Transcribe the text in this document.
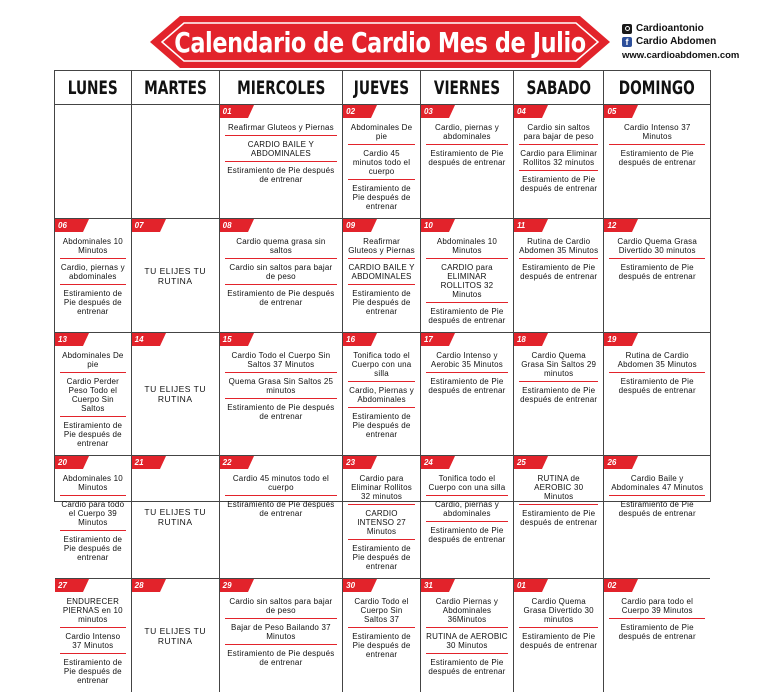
Calendario de Cardio Mes de Julio	Cardioantonio
f Cardio Abdomen
www.cardioabdomen.com
LUNES MARTES MIERCOLES JUEVES VIERNES SABADO DOMINGO
01
Reafirmar Gluteos y Piernas
CARDIO BAILE Y ABDOMINALES
Estiramiento de Pie después de entrenar
02
Abdominales De pie
Cardio 45 minutos todo el cuerpo
Estiramiento de Pie después de entrenar
03
Cardio, piernas y abdominales
Estiramiento de Pie después de entrenar
04
Cardio sin saltos para bajar de peso
Cardio para Eliminar Rollitos 32 minutos
Estiramiento de Pie después de entrenar
05
Cardio Intenso 37 Minutos
Estiramiento de Pie después de entrenar
06
Abdominales 10 Minutos
Cardio, piernas y abdominales
Estiramiento de Pie después de entrenar
07
TU ELIJES TU RUTINA
08
Cardio quema grasa sin saltos
Cardio sin saltos para bajar de peso
Estiramiento de Pie después de entrenar
09
Reafirmar Gluteos y Piernas
CARDIO BAILE Y ABDOMINALES
Estiramiento de Pie después de entrenar
10
Abdominales 10 Minutos
CARDIO para ELIMINAR ROLLITOS 32 Minutos
Estiramiento de Pie después de entrenar
11
Rutina de Cardio Abdomen 35 Minutos
Estiramiento de Pie después de entrenar
12
Cardio Quema Grasa Divertido 30 minutos
Estiramiento de Pie después de entrenar
13
Abdominales De pie
Cardio Perder Peso Todo el Cuerpo Sin Saltos
Estiramiento de Pie después de entrenar
14
TU ELIJES TU RUTINA
15
Cardio Todo el Cuerpo Sin Saltos 37 Minutos
Quema Grasa Sin Saltos 25 minutos
Estiramiento de Pie después de entrenar
16
Tonifica todo el Cuerpo con una silla
Cardio, Piernas y Abdominales
Estiramiento de Pie después de entrenar
17
Cardio Intenso y Aerobic 35 Minutos
Estiramiento de Pie después de entrenar
18
Cardio Quema Grasa Sin Saltos 29 minutos
Estiramiento de Pie después de entrenar
19
Rutina de Cardio Abdomen 35 Minutos
Estiramiento de Pie después de entrenar
20
Abdominales 10 Minutos
Cardio para todo el Cuerpo 39 Minutos
Estiramiento de Pie después de entrenar
21
TU ELIJES TU RUTINA
22
Cardio 45 minutos todo el cuerpo
Estiramiento de Pie después de entrenar
23
Cardio para Eliminar Rollitos 32 minutos
CARDIO INTENSO 27 Minutos
Estiramiento de Pie después de entrenar
24
Tonifica todo el Cuerpo con una silla
Cardio, piernas y abdominales
Estiramiento de Pie después de entrenar
25
RUTINA de AEROBIC 30 Minutos
Estiramiento de Pie después de entrenar
26
Cardio Baile y Abdominales 47 Minutos
Estiramiento de Pie después de entrenar
27
ENDURECER PIERNAS en 10 minutos
Cardio Intenso 37 Minutos
Estiramiento de Pie después de entrenar
28
TU ELIJES TU RUTINA
29
Cardio sin saltos para bajar de peso
Bajar de Peso Bailando 37 Minutos
Estiramiento de Pie después de entrenar
30
Cardio Todo el Cuerpo Sin Saltos 37
Estiramiento de Pie después de entrenar
31
Cardio Piernas y Abdominales 36Minutos
RUTINA de AEROBIC 30 Minutos
Estiramiento de Pie después de entrenar
01
Cardio Quema Grasa Divertido 30 minutos
Estiramiento de Pie después de entrenar
02
Cardio para todo el Cuerpo 39 Minutos
Estiramiento de Pie después de entrenar
